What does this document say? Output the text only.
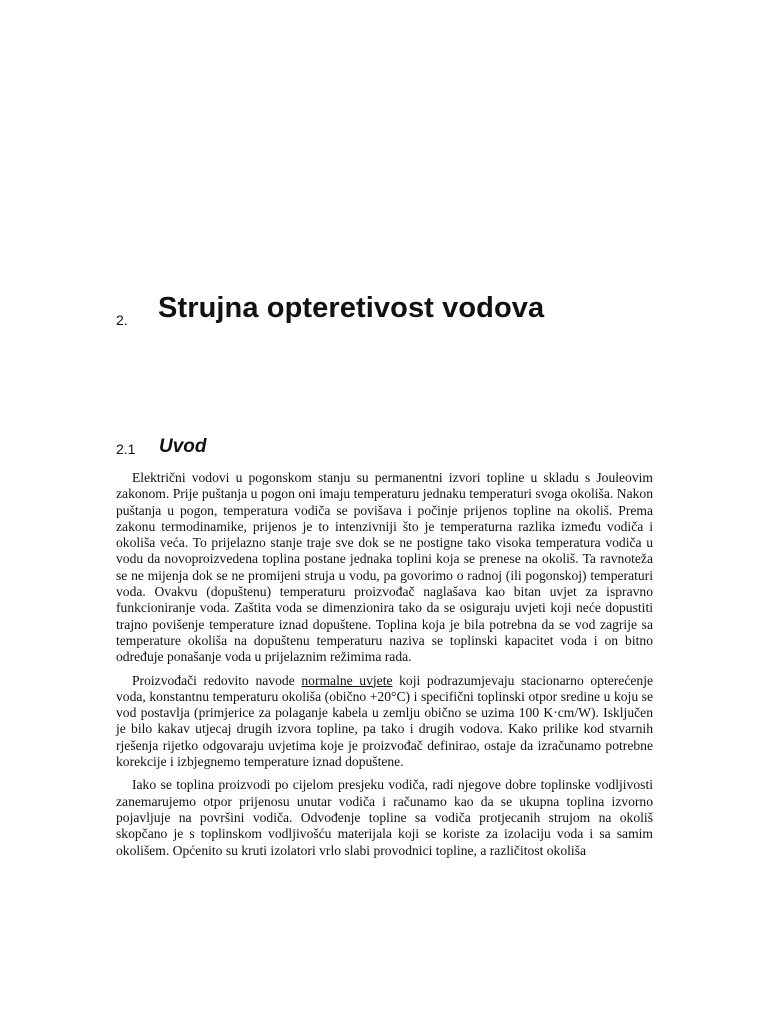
2. Strujna opteretivost vodova
2.1 Uvod

Električni vodovi u pogonskom stanju su permanentni izvori topline u skladu s Jouleovim zakonom. Prije puštanja u pogon oni imaju temperaturu jednaku temperaturi svoga okoliša. Nakon puštanja u pogon, temperatura vodiča se povišava i počinje prijenos topline na okoliš. Prema zakonu termodinamike, prijenos je to intenzivniji što je temperaturna razlika između vodiča i okoliša veća. To prijelazno stanje traje sve dok se ne postigne tako visoka temperatura vodiča u vodu da novoproizvedena toplina postane jednaka toplini koja se prenese na okoliš. Ta ravnoteža se ne mijenja dok se ne promijeni struja u vodu, pa govorimo o radnoj (ili pogonskoj) temperaturi voda. Ovakvu (dopuštenu) temperaturu proizvođač naglašava kao bitan uvjet za ispravno funkcioniranje voda. Zaštita voda se dimenzionira tako da se osiguraju uvjeti koji neće dopustiti trajno povišenje temperature iznad dopuštene. Toplina koja je bila potrebna da se vod zagrije sa temperature okoliša na dopuštenu temperaturu naziva se toplinski kapacitet voda i on bitno određuje ponašanje voda u prijelaznim režimima rada.

Proizvođači redovito navode normalne uvjete koji podrazumjevaju stacionarno opterećenje voda, konstantnu temperaturu okoliša (obično +20°C) i specifični toplinski otpor sredine u koju se vod postavlja (primjerice za polaganje kabela u zemlju obično se uzima 100 K·cm/W). Isključen je bilo kakav utjecaj drugih izvora topline, pa tako i drugih vodova. Kako prilike kod stvarnih rješenja rijetko odgovaraju uvjetima koje je proizvođač definirao, ostaje da izračunamo potrebne korekcije i izbjegnemo temperature iznad dopuštene.

Iako se toplina proizvodi po cijelom presjeku vodiča, radi njegove dobre toplinske vodljivosti zanemarujemo otpor prijenosu unutar vodiča i računamo kao da se ukupna toplina izvorno pojavljuje na površini vodiča. Odvođenje topline sa vodiča protjecanih strujom na okoliš skopčano je s toplinskom vodljivošću materijala koji se koriste za izolaciju voda i sa samim okolišem. Općenito su kruti izolatori vrlo slabi provodnici topline, a različitost okoliša
